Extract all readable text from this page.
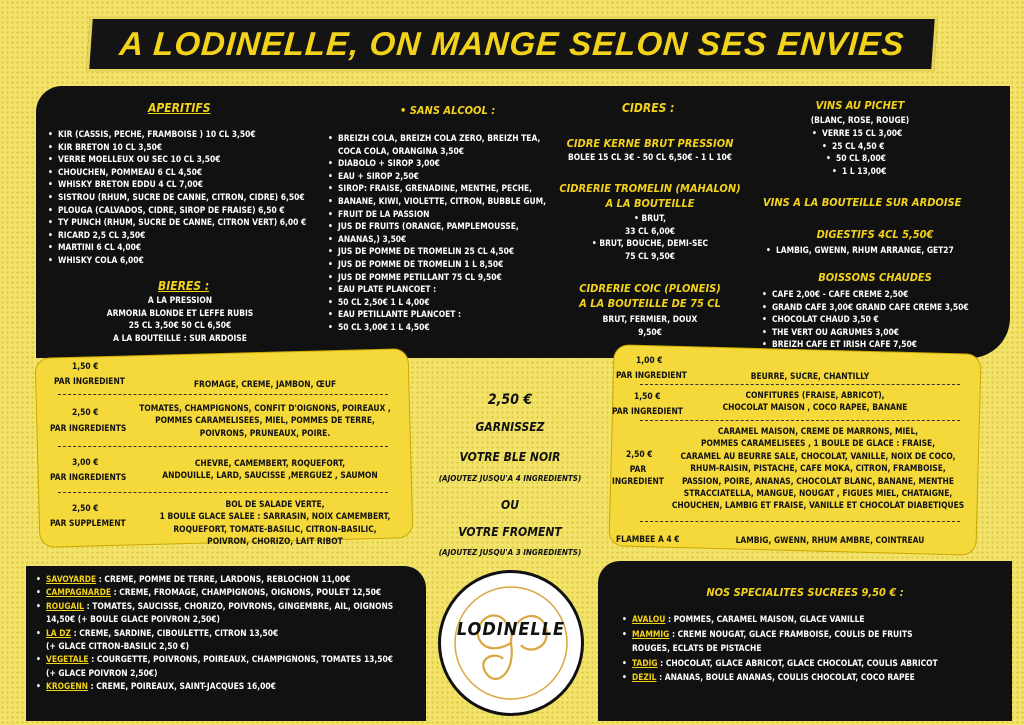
A LODINELLE, ON MANGE SELON SES ENVIES
APERITIFS
• KIR (CASSIS, PECHE, FRAMBOISE ) 10 CL 3,50€
• KIR BRETON 10 CL 3,50€
• VERRE MOELLEUX OU SEC 10 CL 3,50€
• CHOUCHEN, POMMEAU 6 CL 4,50€
• WHISKY BRETON EDDU 4 CL 7,00€
• SISTROU (RHUM, SUCRE DE CANNE, CITRON, CIDRE) 6,50€
• PLOUGA (CALVADOS, CIDRE, SIROP DE FRAISE) 6,50 €
• TY PUNCH (RHUM, SUCRE DE CANNE, CITRON VERT) 6,00 €
• RICARD 2,5 CL 3,50€
• MARTINI 6 CL 4,00€
• WHISKY COLA 6,00€
BIERES :
A LA PRESSION
ARMORIA BLONDE ET LEFFE RUBIS
25 CL 3,50€ 50 CL 6,50€
A LA BOUTEILLE : SUR ARDOISE
• SANS ALCOOL :
• BREIZH COLA, BREIZH COLA ZERO, BREIZH TEA,
COCA COLA, ORANGINA 3,50€
• DIABOLO + SIROP 3,00€
• EAU + SIROP 2,50€
• SIROP: FRAISE, GRENADINE, MENTHE, PECHE,
• BANANE, KIWI, VIOLETTE, CITRON, BUBBLE GUM,
• FRUIT DE LA PASSION
• JUS DE FRUITS (ORANGE, PAMPLEMOUSSE,
• ANANAS,) 3,50€
• JUS DE POMME DE TROMELIN 25 CL 4,50€
• JUS DE POMME DE TROMELIN 1 L 8,50€
• JUS DE POMME PETILLANT 75 CL 9,50€
• EAU PLATE PLANCOET :
• 50 CL 2,50€ 1 L 4,00€
• EAU PETILLANTE PLANCOET :
• 50 CL 3,00€ 1 L 4,50€
CIDRES :
CIDRE KERNE BRUT PRESSION
BOLEE 15 CL 3€ - 50 CL 6,50€ - 1 L 10€
CIDRERIE TROMELIN (MAHALON)
A LA BOUTEILLE
• BRUT,
33 CL 6,00€
• BRUT, BOUCHE, DEMI-SEC
75 CL 9,50€
CIDRERIE COIC (PLONEIS)
A LA BOUTEILLE DE 75 CL
BRUT, FERMIER, DOUX
9,50€
VINS AU PICHET
(BLANC, ROSE, ROUGE)
• VERRE 15 CL 3,00€
• 25 CL 4,50 €
• 50 CL 8,00€
• 1 L 13,00€
VINS A LA BOUTEILLE SUR ARDOISE
DIGESTIFS 4CL 5,50€
• LAMBIG, GWENN, RHUM ARRANGE, GET27
BOISSONS CHAUDES
• CAFE 2,00€ - CAFE CREME 2,50€
• GRAND CAFE 3,00€ GRAND CAFE CREME 3,50€
• CHOCOLAT CHAUD 3,50 €
• THE VERT OU AGRUMES 3,00€
• BREIZH CAFE ET IRISH CAFE 7,50€
1,50 €
PAR INGREDIENT	FROMAGE, CREME, JAMBON, ŒUF
2,50 €
PAR INGREDIENTS
TOMATES, CHAMPIGNONS, CONFIT D'OIGNONS, POIREAUX ,
POMMES CARAMELISEES, MIEL, POMMES DE TERRE,
POIVRONS, PRUNEAUX, POIRE.
3,00 €
PAR INGREDIENTS
CHEVRE, CAMEMBERT, ROQUEFORT,
ANDOUILLE, LARD, SAUCISSE ,MERGUEZ , SAUMON
2,50 €
PAR SUPPLEMENT
BOL DE SALADE VERTE,
1 BOULE GLACE SALEE : SARRASIN, NOIX CAMEMBERT,
ROQUEFORT, TOMATE-BASILIC, CITRON-BASILIC,
POIVRON, CHORIZO, LAIT RIBOT
2,50 €
GARNISSEZ
VOTRE BLE NOIR
(AJOUTEZ JUSQU'A 4 INGREDIENTS)
OU
VOTRE FROMENT
(AJOUTEZ JUSQU'A 3 INGREDIENTS)
LODINELLE
1,00 €
PAR INGREDIENT	BEURRE, SUCRE, CHANTILLY
1,50 €
PAR INGREDIENT
CONFITURES (FRAISE, ABRICOT),
CHOCOLAT MAISON , COCO RAPEE, BANANE
2,50 €
PAR INGREDIENT
CARAMEL MAISON, CREME DE MARRONS, MIEL,
POMMES CARAMELISEES , 1 BOULE DE GLACE : FRAISE,
CARAMEL AU BEURRE SALE, CHOCOLAT, VANILLE, NOIX DE COCO,
RHUM-RAISIN, PISTACHE, CAFE MOKA, CITRON, FRAMBOISE,
PASSION, POIRE, ANANAS, CHOCOLAT BLANC, BANANE, MENTHE
STRACCIATELLA, MANGUE, NOUGAT , FIGUES MIEL, CHATAIGNE,
CHOUCHEN, LAMBIG ET FRAISE, VANILLE ET CHOCOLAT DIABETIQUES
FLAMBEE A 4 €	LAMBIG, GWENN, RHUM AMBRE, COINTREAU
• SAVOYARDE : CREME, POMME DE TERRE, LARDONS, REBLOCHON 11,00€
• CAMPAGNARDE : CREME, FROMAGE, CHAMPIGNONS, OIGNONS, POULET 12,50€
• ROUGAIL : TOMATES, SAUCISSE, CHORIZO, POIVRONS, GINGEMBRE, AIL, OIGNONS
14,50€ (+ BOULE GLACE POIVRON 2,50€)
• LA DZ : CREME, SARDINE, CIBOULETTE, CITRON 13,50€
(+ GLACE CITRON-BASILIC 2,50 €)
• VEGETALE : COURGETTE, POIVRONS, POIREAUX, CHAMPIGNONS, TOMATES 13,50€
(+ GLACE POIVRON 2,50€)
• KROGENN : CREME, POIREAUX, SAINT-JACQUES 16,00€
NOS SPECIALITES SUCREES 9,50 € :
• AVALOU : POMMES, CARAMEL MAISON, GLACE VANILLE
• MAMMIG : CREME NOUGAT, GLACE FRAMBOISE, COULIS DE FRUITS
ROUGES, ECLATS DE PISTACHE
• TADIG : CHOCOLAT, GLACE ABRICOT, GLACE CHOCOLAT, COULIS ABRICOT
• DEZIL : ANANAS, BOULE ANANAS, COULIS CHOCOLAT, COCO RAPEE
